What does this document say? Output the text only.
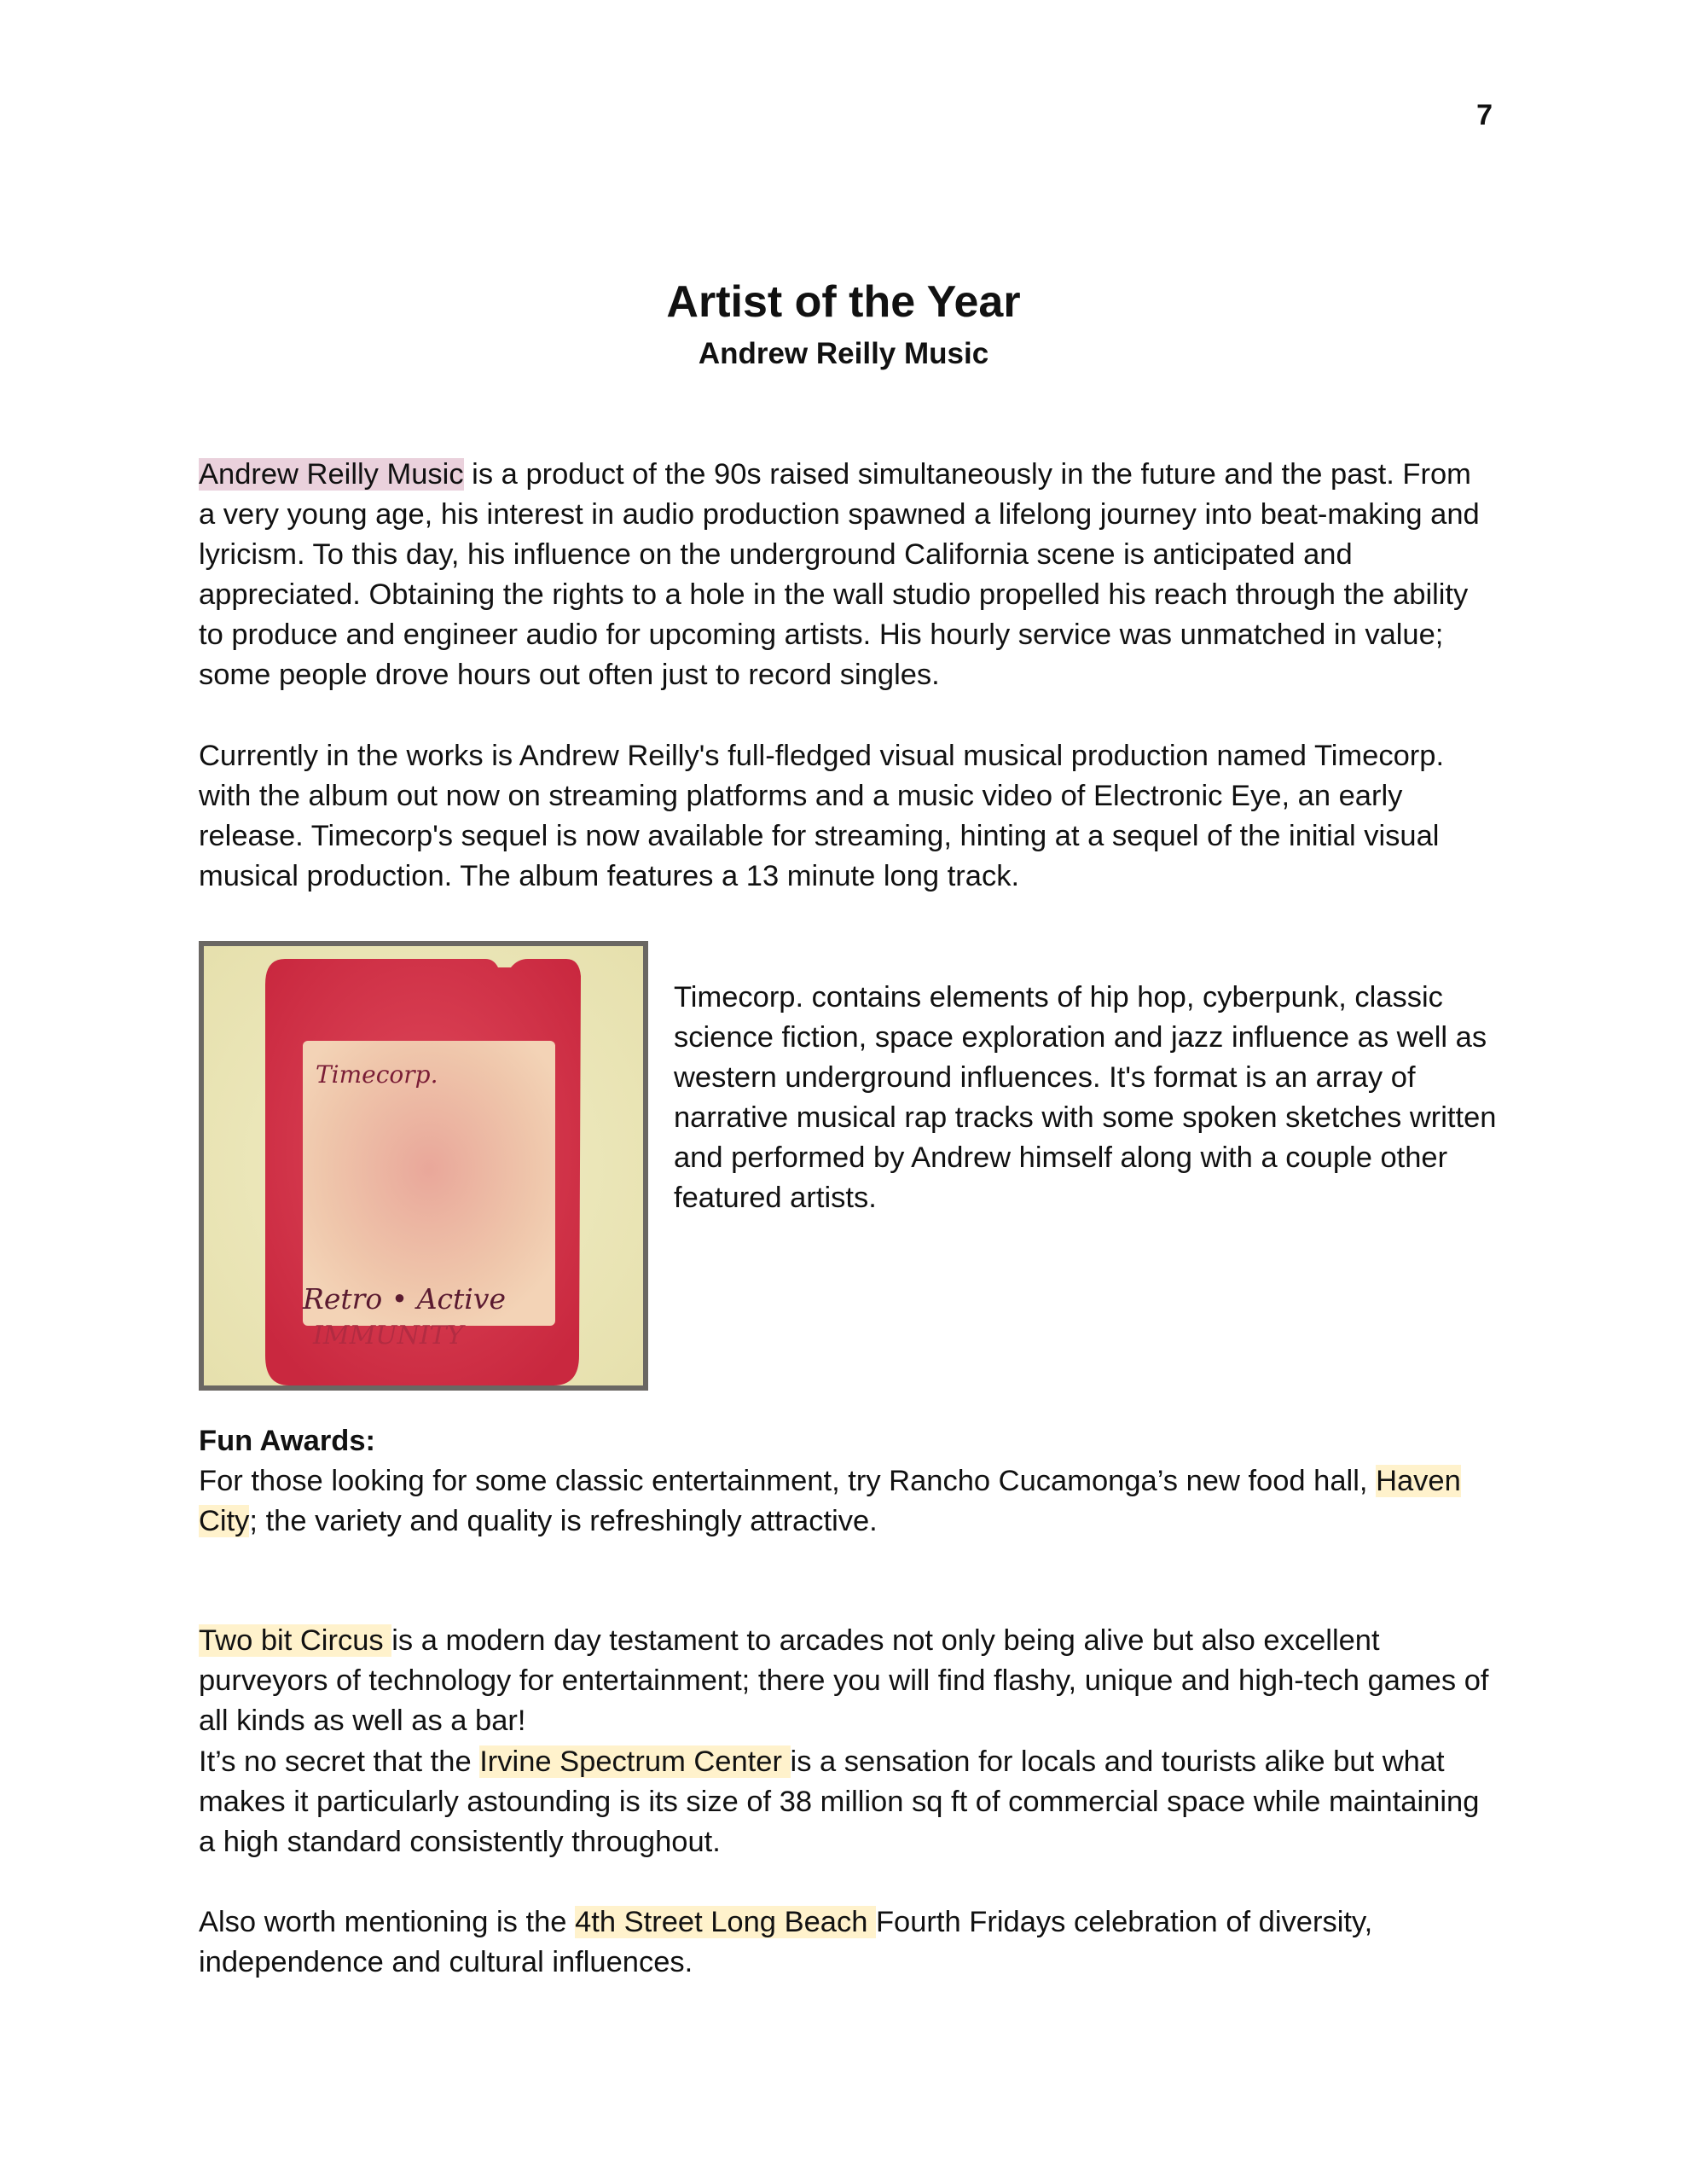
7
Artist of the Year
Andrew Reilly Music

Andrew Reilly Music is a product of the 90s raised simultaneously in the future and the past. From a very young age, his interest in audio production spawned a lifelong journey into beat-making and lyricism. To this day, his influence on the underground California scene is anticipated and appreciated. Obtaining the rights to a hole in the wall studio propelled his reach through the ability to produce and engineer audio for upcoming artists. His hourly service was unmatched in value; some people drove hours out often just to record singles.

Currently in the works is Andrew Reilly's full-fledged visual musical production named Timecorp. with the album out now on streaming platforms and a music video of Electronic Eye, an early release. Timecorp's sequel is now available for streaming, hinting at a sequel of the initial visual musical production. The album features a 13 minute long track.

Timecorp.
Retro • Active
IMMUNITY

Timecorp. contains elements of hip hop, cyberpunk, classic science fiction, space exploration and jazz influence as well as western underground influences. It's format is an array of narrative musical rap tracks with some spoken sketches written and performed by Andrew himself along with a couple other featured artists.

Fun Awards:

For those looking for some classic entertainment, try Rancho Cucamonga’s new food hall, Haven City; the variety and quality is refreshingly attractive.

Two bit Circus is a modern day testament to arcades not only being alive but also excellent purveyors of technology for entertainment; there you will find flashy, unique and high-tech games of all kinds as well as a bar!

It’s no secret that the Irvine Spectrum Center is a sensation for locals and tourists alike but what makes it particularly astounding is its size of 38 million sq ft of commercial space while maintaining a high standard consistently throughout.

Also worth mentioning is the 4th Street Long Beach Fourth Fridays celebration of diversity, independence and cultural influences.
